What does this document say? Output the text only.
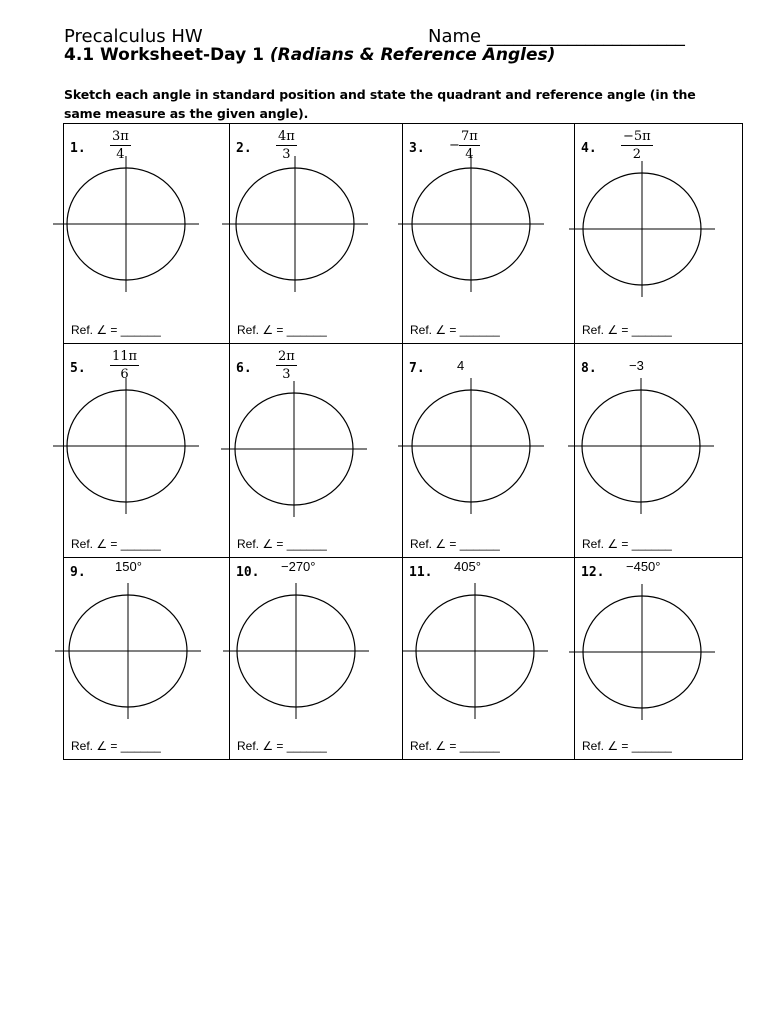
Precalculus HW	Name ______________________
4.1 Worksheet-Day 1 (Radians & Reference Angles)
Sketch each angle in standard position and state the quadrant and reference angle (in the same measure as the given angle).
1. $\frac{3\pi}{4}$
Ref. ∠ = ______
2. $\frac{4\pi}{3}$
Ref. ∠ = ______
3. −
7π
4
Ref. ∠ = ______
4. $\frac{-5\pi}{2}$
Ref. ∠ = ______
5. $\frac{11\pi}{6}$
Ref. ∠ = ______
6. $\frac{2\pi}{3}$
Ref. ∠ = ______
7. 4
Ref. ∠ = ______
8. −3
Ref. ∠ = ______
9. 150°
Ref. ∠ = ______
10. −270°
Ref. ∠ = ______
11. 405°
Ref. ∠ = ______
12. −450°
Ref. ∠ = ______
